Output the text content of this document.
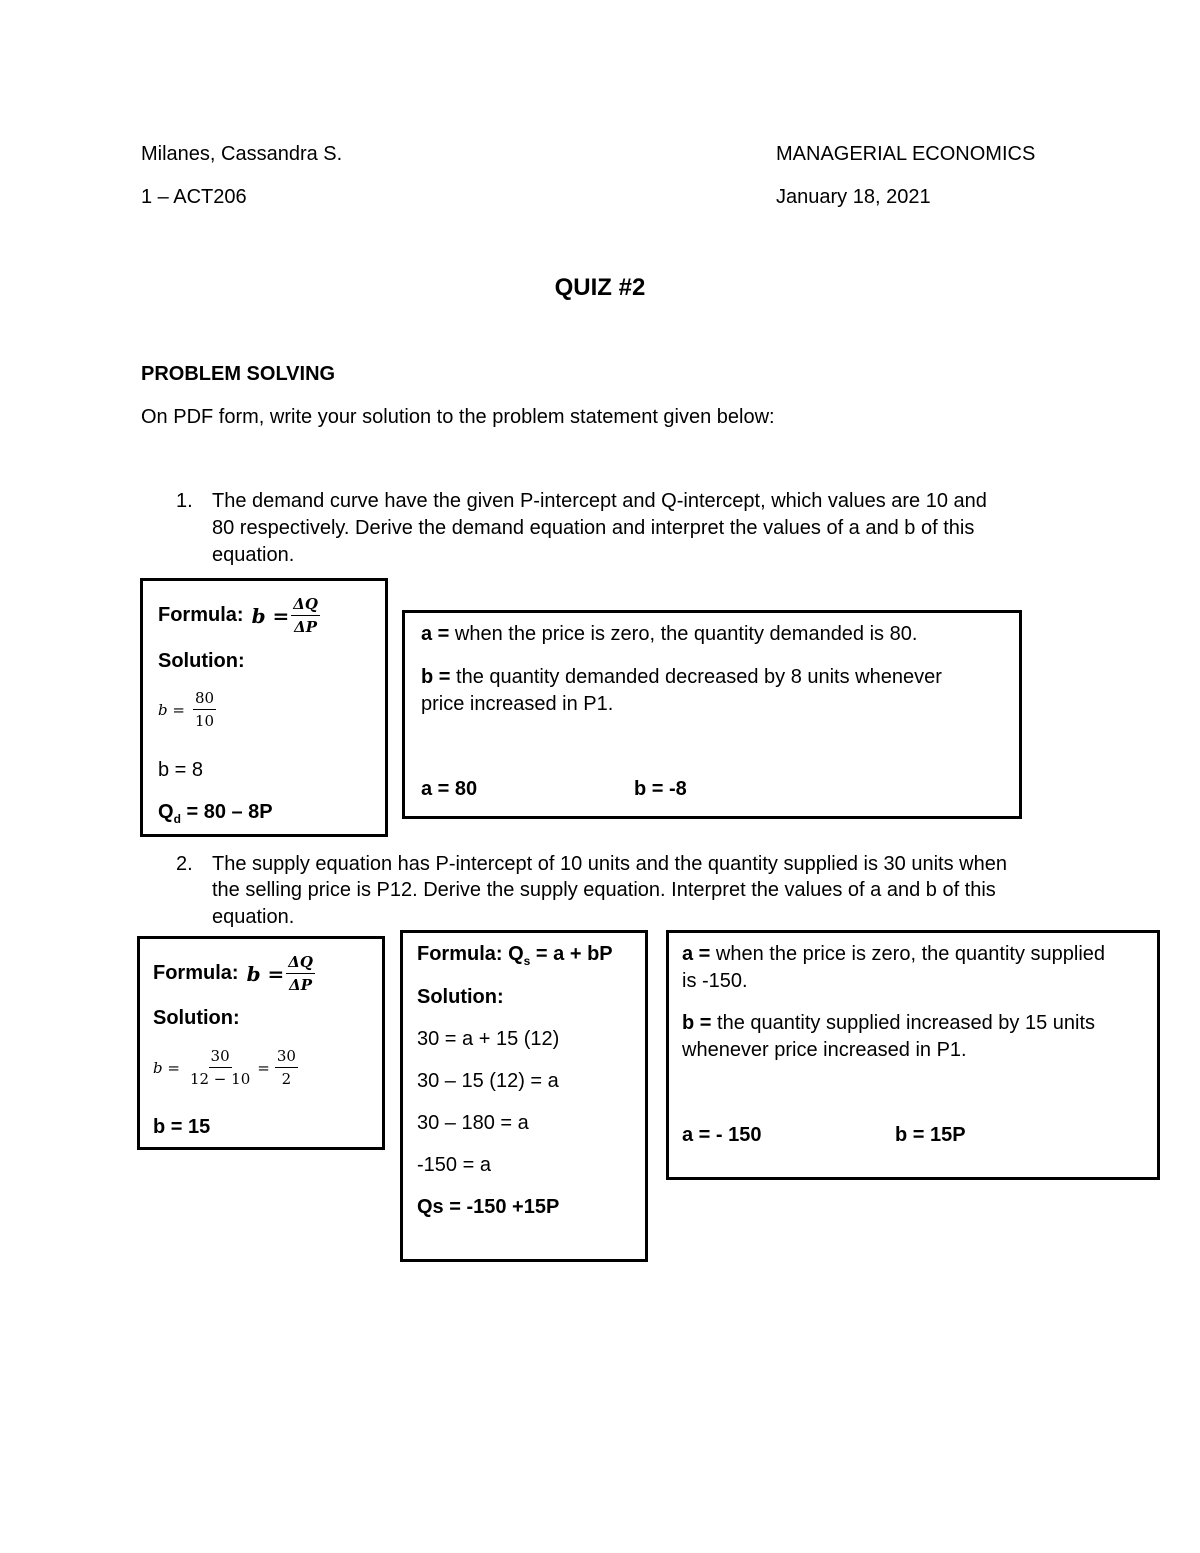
Milanes, Cassandra S.
1 – ACT206
MANAGERIAL ECONOMICS
January 18, 2021
QUIZ #2
PROBLEM SOLVING
On PDF form, write your solution to the problem statement given below:
1. The demand curve have the given P-intercept and Q-intercept, which values are 10 and
80 respectively. Derive the demand equation and interpret the values of a and b of this
equation.
Formula: $b = \frac{\Delta Q}{\Delta P}$
Solution:
$b = \frac{80}{10}$
b = 8
$Q_d = 80 - 8P$
a = when the price is zero, the quantity demanded is 80.
b = the quantity demanded decreased by 8 units whenever
price increased in P1.
a = 80	b = -8
2. The supply equation has P-intercept of 10 units and the quantity supplied is 30 units when
the selling price is P12. Derive the supply equation. Interpret the values of a and b of this
equation.
Formula: $b = \frac{\Delta Q}{\Delta P}$
Solution:
$b = \frac{30}{12 - 10} = \frac{30}{2}$
b = 15
Formula: $Q_s = a$ + bP
Solution:
30 = a + 15 (12)
30 – 15 (12) = a
30 – 180 = a
-150 = a
Qs = -150 +15P
a = when the price is zero, the quantity supplied
is -150.
b = the quantity supplied increased by 15 units
whenever price increased in P1.
a = - 150	b = 15P
